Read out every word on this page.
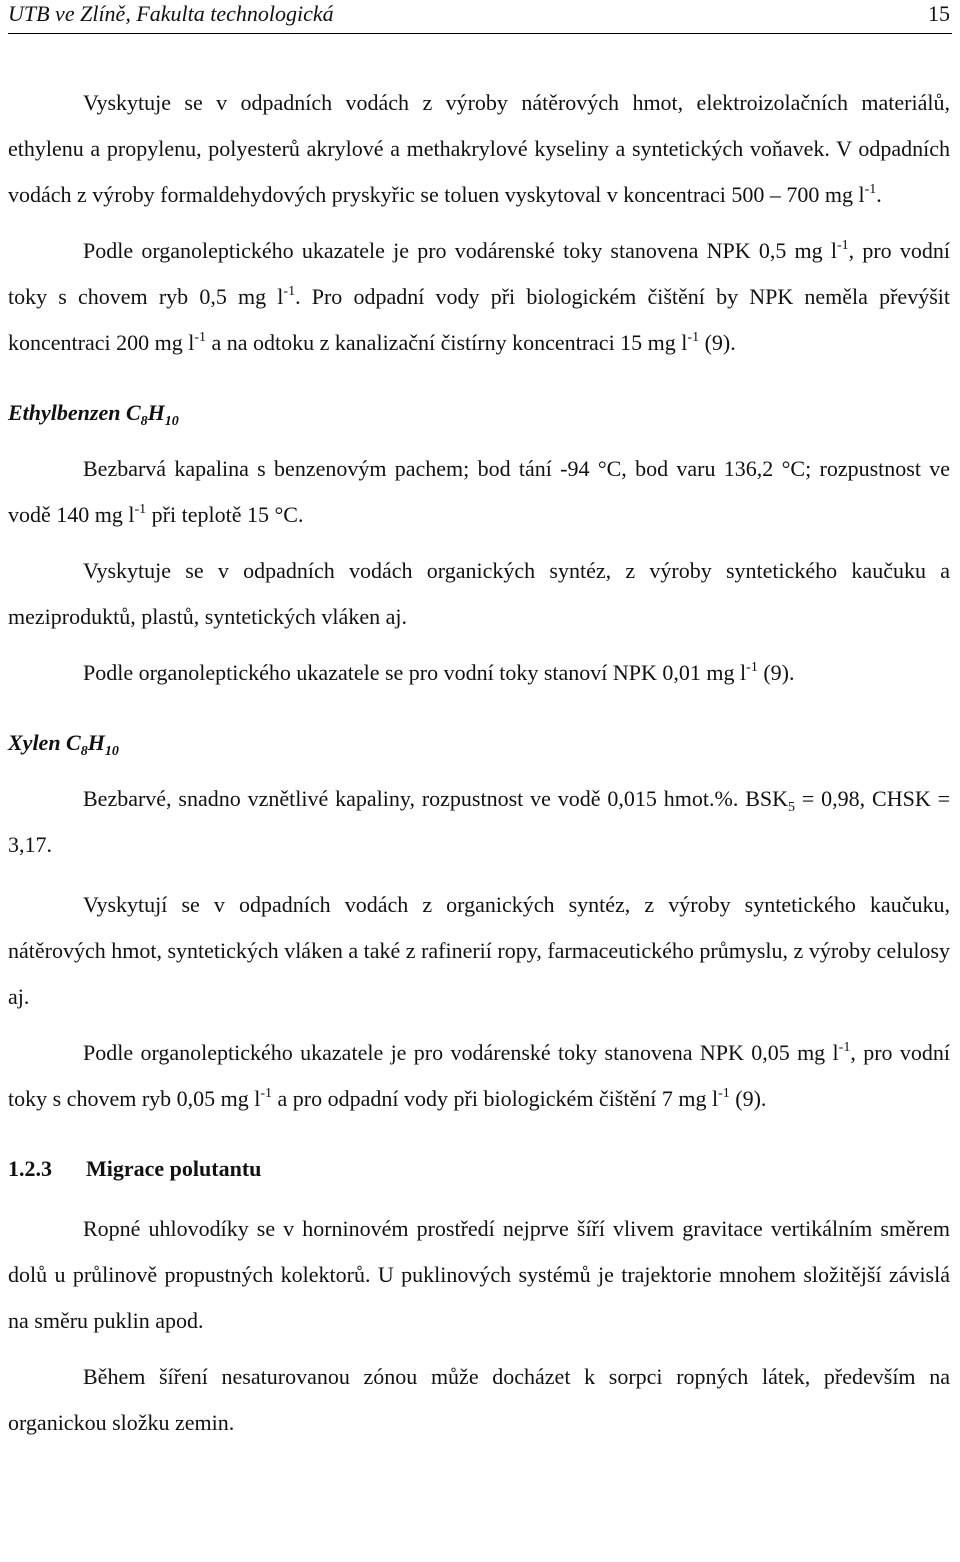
UTB ve Zlíně, Fakulta technologická	15

Vyskytuje se v odpadních vodách z výroby nátěrových hmot, elektroizolačních materiálů, ethylenu a propylenu, polyesterů akrylové a methakrylové kyseliny a syntetických voňavek. V odpadních vodách z výroby formaldehydových pryskyřic se toluen vyskytoval v koncentraci 500 – 700 mg $l^{-1}$.

Podle organoleptického ukazatele je pro vodárenské toky stanovena NPK 0,5 mg $l^{-1}$, pro vodní toky s chovem ryb 0,5 mg $l^{-1}$. Pro odpadní vody při biologickém čištění by NPK neměla převýšit koncentraci 200 mg $l^{-1}$ a na odtoku z kanalizační čistírny koncentraci 15 mg $l^{-1}$ (9).

Ethylbenzen $C_8H_{10}$

Bezbarvá kapalina s benzenovým pachem; bod tání -94 °C, bod varu 136,2 °C; rozpustnost ve vodě 140 mg $l^{-1}$ při teplotě 15 °C.

Vyskytuje se v odpadních vodách organických syntéz, z výroby syntetického kaučuku a meziproduktů, plastů, syntetických vláken aj.

Podle organoleptického ukazatele se pro vodní toky stanoví NPK 0,01 mg $l^{-1}$ (9).

Xylen $C_8H_{10}$

Bezbarvé, snadno vznětlivé kapaliny, rozpustnost ve vodě 0,015 hmot.%. $BSK_5 = 0,98$, CHSK = 3,17.

Vyskytují se v odpadních vodách z organických syntéz, z výroby syntetického kaučuku, nátěrových hmot, syntetických vláken a také z rafinerií ropy, farmaceutického průmyslu, z výroby celulosy aj.

Podle organoleptického ukazatele je pro vodárenské toky stanovena NPK 0,05 mg $l^{-1}$, pro vodní toky s chovem ryb 0,05 mg $l^{-1}$ a pro odpadní vody při biologickém čištění 7 mg $l^{-1}$ (9).

1.2.3 Migrace polutantu

Ropné uhlovodíky se v horninovém prostředí nejprve šíří vlivem gravitace vertikálním směrem dolů u průlinově propustných kolektorů. U puklinových systémů je trajektorie mnohem složitější závislá na směru puklin apod.

Během šíření nesaturovanou zónou může docházet k sorpci ropných látek, především na organickou složku zemin.
